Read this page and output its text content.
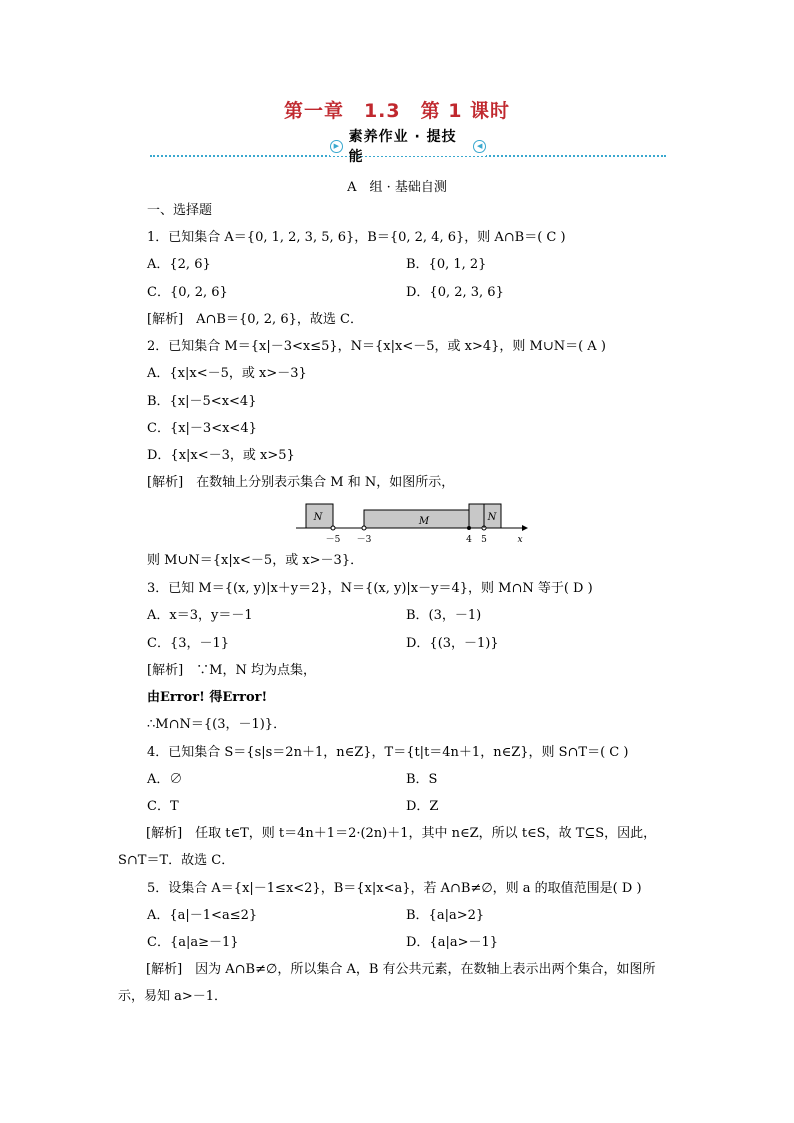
第一章　1.3　第 1 课时
▶
素养作业 · 提技能
◀
A　组 · 基础自测
一、选择题
1．已知集合 A＝{0, 1, 2, 3, 5, 6}，B＝{0, 2, 4, 6}，则 A∩B＝( C )
A．{2, 6}	B．{0, 1, 2}
C．{0, 2, 6}	D．{0, 2, 3, 6}
[解析]　A∩B＝{0, 2, 6}，故选 C．
2．已知集合 M＝{x|－3<x≤5}，N＝{x|x<－5，或 x>4}，则 M∪N＝( A )
A．{x|x<－5，或 x>－3}
B．{x|－5<x<4}
C．{x|－3<x<4}
D．{x|x<－3，或 x>5}
[解析]　在数轴上分别表示集合 M 和 N，如图所示，
N	M	N
－5 －3	4 5	x
则 M∪N＝{x|x<－5，或 x>－3}．
3．已知 M＝{(x, y)|x＋y＝2}，N＝{(x, y)|x－y＝4}，则 M∩N 等于( D )
A．x＝3，y＝－1	B．(3，－1)
C．{3，－1}	D．{(3，－1)}
[解析]　∵M，N 均为点集，
由Error! 得Error!
∴M∩N＝{(3，－1)}．
4．已知集合 S＝{s|s＝2n＋1，n∈Z}，T＝{t|t＝4n＋1，n∈Z}，则 S∩T＝( C )
A．∅	B．S
C．T	D．Z

[解析]　任取 t∈T，则 t＝4n＋1＝2·(2n)＋1，其中 n∈Z，所以 t∈S，故 T⊆S，因此，S∩T＝T．故选 C．

5．设集合 A＝{x|－1≤x<2}，B＝{x|x<a}，若 A∩B≠∅，则 a 的取值范围是( D )
A．{a|－1<a≤2}	B．{a|a>2}
C．{a|a≥－1}	D．{a|a>－1}

[解析]　因为 A∩B≠∅，所以集合 A，B 有公共元素，在数轴上表示出两个集合，如图所示，易知 a>－1．
